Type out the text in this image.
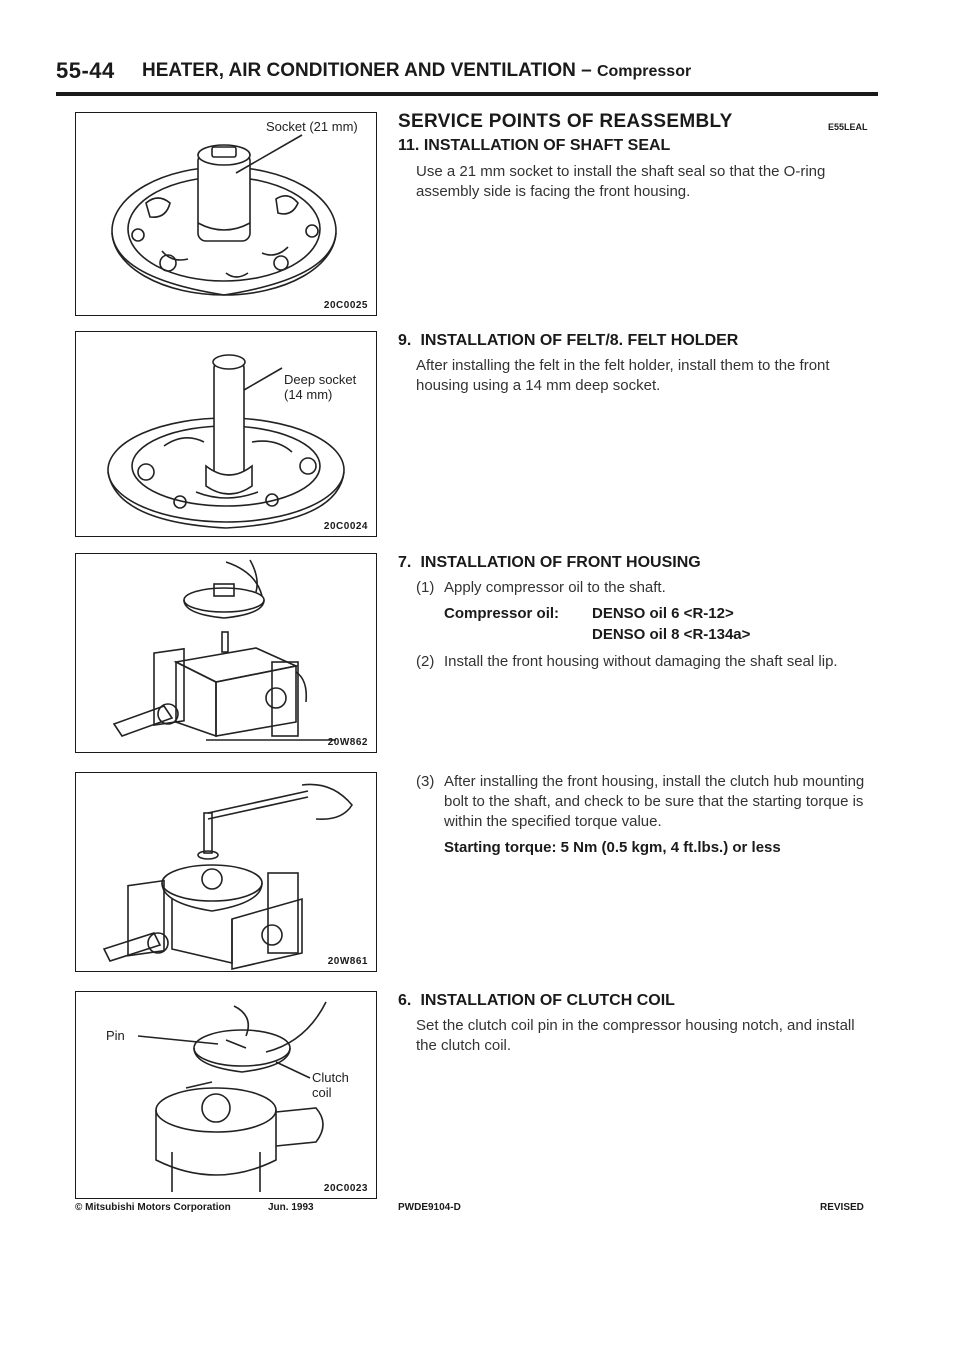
55-44 HEATER, AIR CONDITIONER AND VENTILATION – Compressor
Socket (21 mm)
20C0025
Deep socket
(14 mm)
20C0024
20W862
20W861
Pin
Clutch
coil
20C0023
SERVICE POINTS OF REASSEMBLY	E55LEAL
11. INSTALLATION OF SHAFT SEAL

Use a 21 mm socket to install the shaft seal so that the O-ring assembly side is facing the front housing.

9. INSTALLATION OF FELT/8. FELT HOLDER

After installing the felt in the felt holder, install them to the front housing using a 14 mm deep socket.

7. INSTALLATION OF FRONT HOUSING

(1) Apply compressor oil to the shaft.

Compressor oil: DENSO oil 6 <R-12>
DENSO oil 8 <R-134a>

(2) Install the front housing without damaging the shaft seal lip.

(3) After installing the front housing, install the clutch hub mounting bolt to the shaft, and check to be sure that the starting torque is within the specified torque value.

Starting torque: 5 Nm (0.5 kgm, 4 ft.lbs.) or less
6. INSTALLATION OF CLUTCH COIL

Set the clutch coil pin in the compressor housing notch, and install the clutch coil.

© Mitsubishi Motors Corporation	Jun. 1993	PWDE9104-D	REVISED
